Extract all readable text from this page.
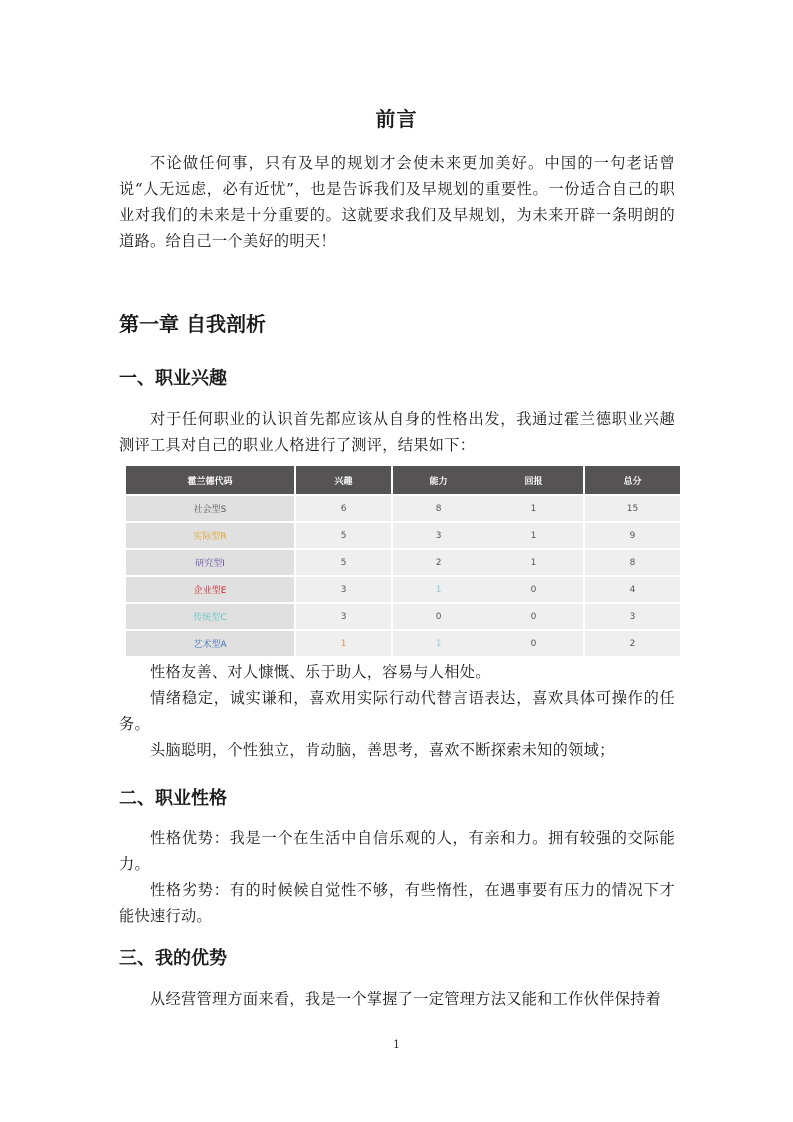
前言
不论做任何事，只有及早的规划才会使未来更加美好。中国的一句老话曾说“人无远虑，必有近忧”，也是告诉我们及早规划的重要性。一份适合自己的职业对我们的未来是十分重要的。这就要求我们及早规划，为未来开辟一条明朗的道路。给自己一个美好的明天！
第一章 自我剖析
一、职业兴趣
对于任何职业的认识首先都应该从自身的性格出发，我通过霍兰德职业兴趣测评工具对自己的职业人格进行了测评，结果如下：
霍兰德代码	兴趣	能力	回报	总分
社会型S	6	8	1	15
实际型R	5	3	1	9
研究型I	5	2	1	8
企业型E	3	1	0	4
传统型C	3	0	0	3
艺术型A	1	1	0	2
性格友善、对人慷慨、乐于助人，容易与人相处。
情绪稳定，诚实谦和，喜欢用实际行动代替言语表达，喜欢具体可操作的任务。
头脑聪明，个性独立，肯动脑，善思考，喜欢不断探索未知的领域；
二、职业性格
性格优势：我是一个在生活中自信乐观的人，有亲和力。拥有较强的交际能力。
性格劣势：有的时候候自觉性不够，有些惰性，在遇事要有压力的情况下才能快速行动。
三、我的优势
从经营管理方面来看，我是一个掌握了一定管理方法又能和工作伙伴保持着
1
